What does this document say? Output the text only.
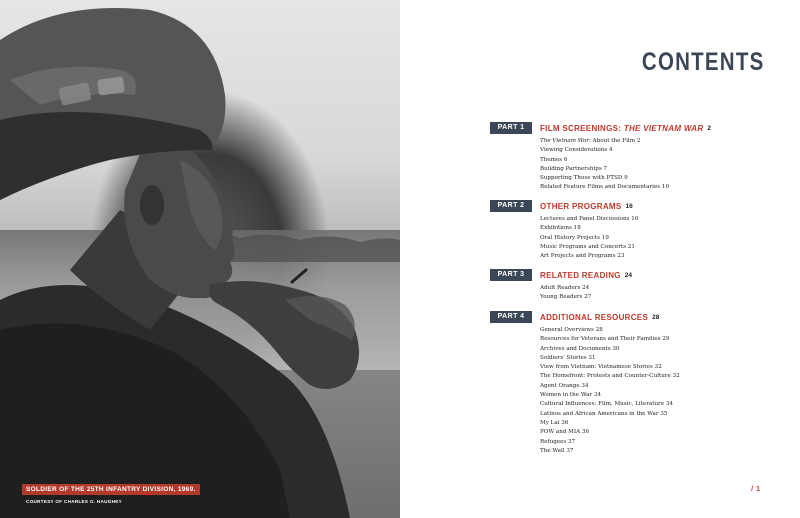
SOLDIER OF THE 25TH INFANTRY DIVISION, 1969.
COURTESY OF CHARLES O. HAUGHEY
CONTENTS
PART 1	FILM SCREENINGS: THE VIETNAM WAR 2
The Vietnam War: About the Film 2
Viewing Considerations 4
Themes 6
Building Partnerships 7
Supporting Those with PTSD 9
Related Feature Films and Documentaries 10
PART 2	OTHER PROGRAMS 16
Lectures and Panel Discussions 16
Exhibitions 18
Oral History Projects 19
Music Programs and Concerts 21
Art Projects and Programs 23
PART 3	RELATED READING 24
Adult Readers 24
Young Readers 27
PART 4	ADDITIONAL RESOURCES 28
General Overviews 28
Resources for Veterans and Their Families 29
Archives and Documents 30
Soldiers' Stories 31
View from Vietnam: Vietnamese Stories 32
The Homefront: Protests and Counter-Culture 32
Agent Orange 34
Women in the War 34
Cultural Influences: Film, Music, Literature 34
Latinos and African Americans in the War 35
My Lai 36
POW and MIA 36
Refugees 37
The Wall 37
/ 1
